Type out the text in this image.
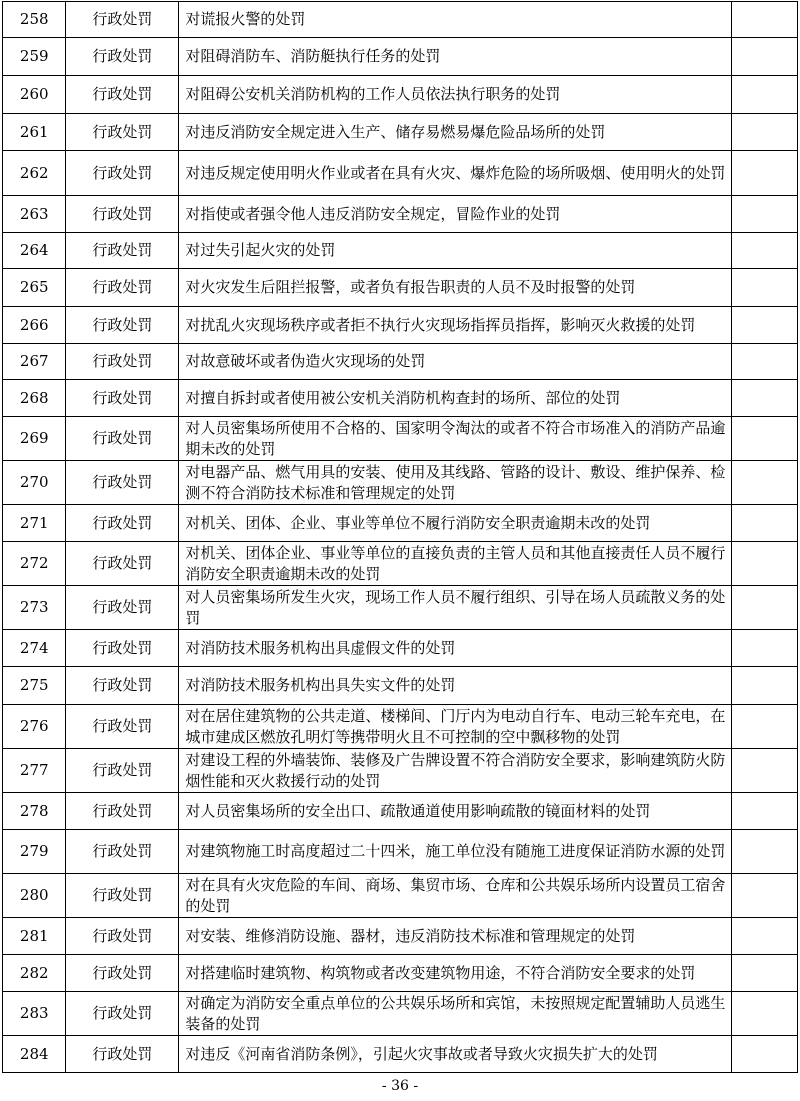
258	行政处罚	对谎报火警的处罚	
259	行政处罚	对阻碍消防车、消防艇执行任务的处罚	
260	行政处罚	对阻碍公安机关消防机构的工作人员依法执行职务的处罚	
261	行政处罚	对违反消防安全规定进入生产、储存易燃易爆危险品场所的处罚	
262	行政处罚	对违反规定使用明火作业或者在具有火灾、爆炸危险的场所吸烟、使用明火的处罚	
263	行政处罚	对指使或者强令他人违反消防安全规定，冒险作业的处罚	
264	行政处罚	对过失引起火灾的处罚	
265	行政处罚	对火灾发生后阻拦报警，或者负有报告职责的人员不及时报警的处罚	
266	行政处罚	对扰乱火灾现场秩序或者拒不执行火灾现场指挥员指挥，影响灭火救援的处罚	
267	行政处罚	对故意破坏或者伪造火灾现场的处罚	
268	行政处罚	对擅自拆封或者使用被公安机关消防机构查封的场所、部位的处罚	
269	行政处罚	对人员密集场所使用不合格的、国家明令淘汰的或者不符合市场准入的消防产品逾期未改的处罚	
270	行政处罚	对电器产品、燃气用具的安装、使用及其线路、管路的设计、敷设、维护保养、检测不符合消防技术标准和管理规定的处罚	
271	行政处罚	对机关、团体、企业、事业等单位不履行消防安全职责逾期未改的处罚	
272	行政处罚	对机关、团体企业、事业等单位的直接负责的主管人员和其他直接责任人员不履行消防安全职责逾期未改的处罚	
273	行政处罚	对人员密集场所发生火灾，现场工作人员不履行组织、引导在场人员疏散义务的处罚	
274	行政处罚	对消防技术服务机构出具虚假文件的处罚	
275	行政处罚	对消防技术服务机构出具失实文件的处罚	
276	行政处罚	对在居住建筑物的公共走道、楼梯间、门厅内为电动自行车、电动三轮车充电，在城市建成区燃放孔明灯等携带明火且不可控制的空中飘移物的处罚	
277	行政处罚	对建设工程的外墙装饰、装修及广告牌设置不符合消防安全要求，影响建筑防火防烟性能和灭火救援行动的处罚	
278	行政处罚	对人员密集场所的安全出口、疏散通道使用影响疏散的镜面材料的处罚	
279	行政处罚	对建筑物施工时高度超过二十四米，施工单位没有随施工进度保证消防水源的处罚	
280	行政处罚	对在具有火灾危险的车间、商场、集贸市场、仓库和公共娱乐场所内设置员工宿舍的处罚	
281	行政处罚	对安装、维修消防设施、器材，违反消防技术标准和管理规定的处罚	
282	行政处罚	对搭建临时建筑物、构筑物或者改变建筑物用途，不符合消防安全要求的处罚	
283	行政处罚	对确定为消防安全重点单位的公共娱乐场所和宾馆，未按照规定配置辅助人员逃生装备的处罚	
284	行政处罚	对违反《河南省消防条例》，引起火灾事故或者导致火灾损失扩大的处罚	
- 36 -
